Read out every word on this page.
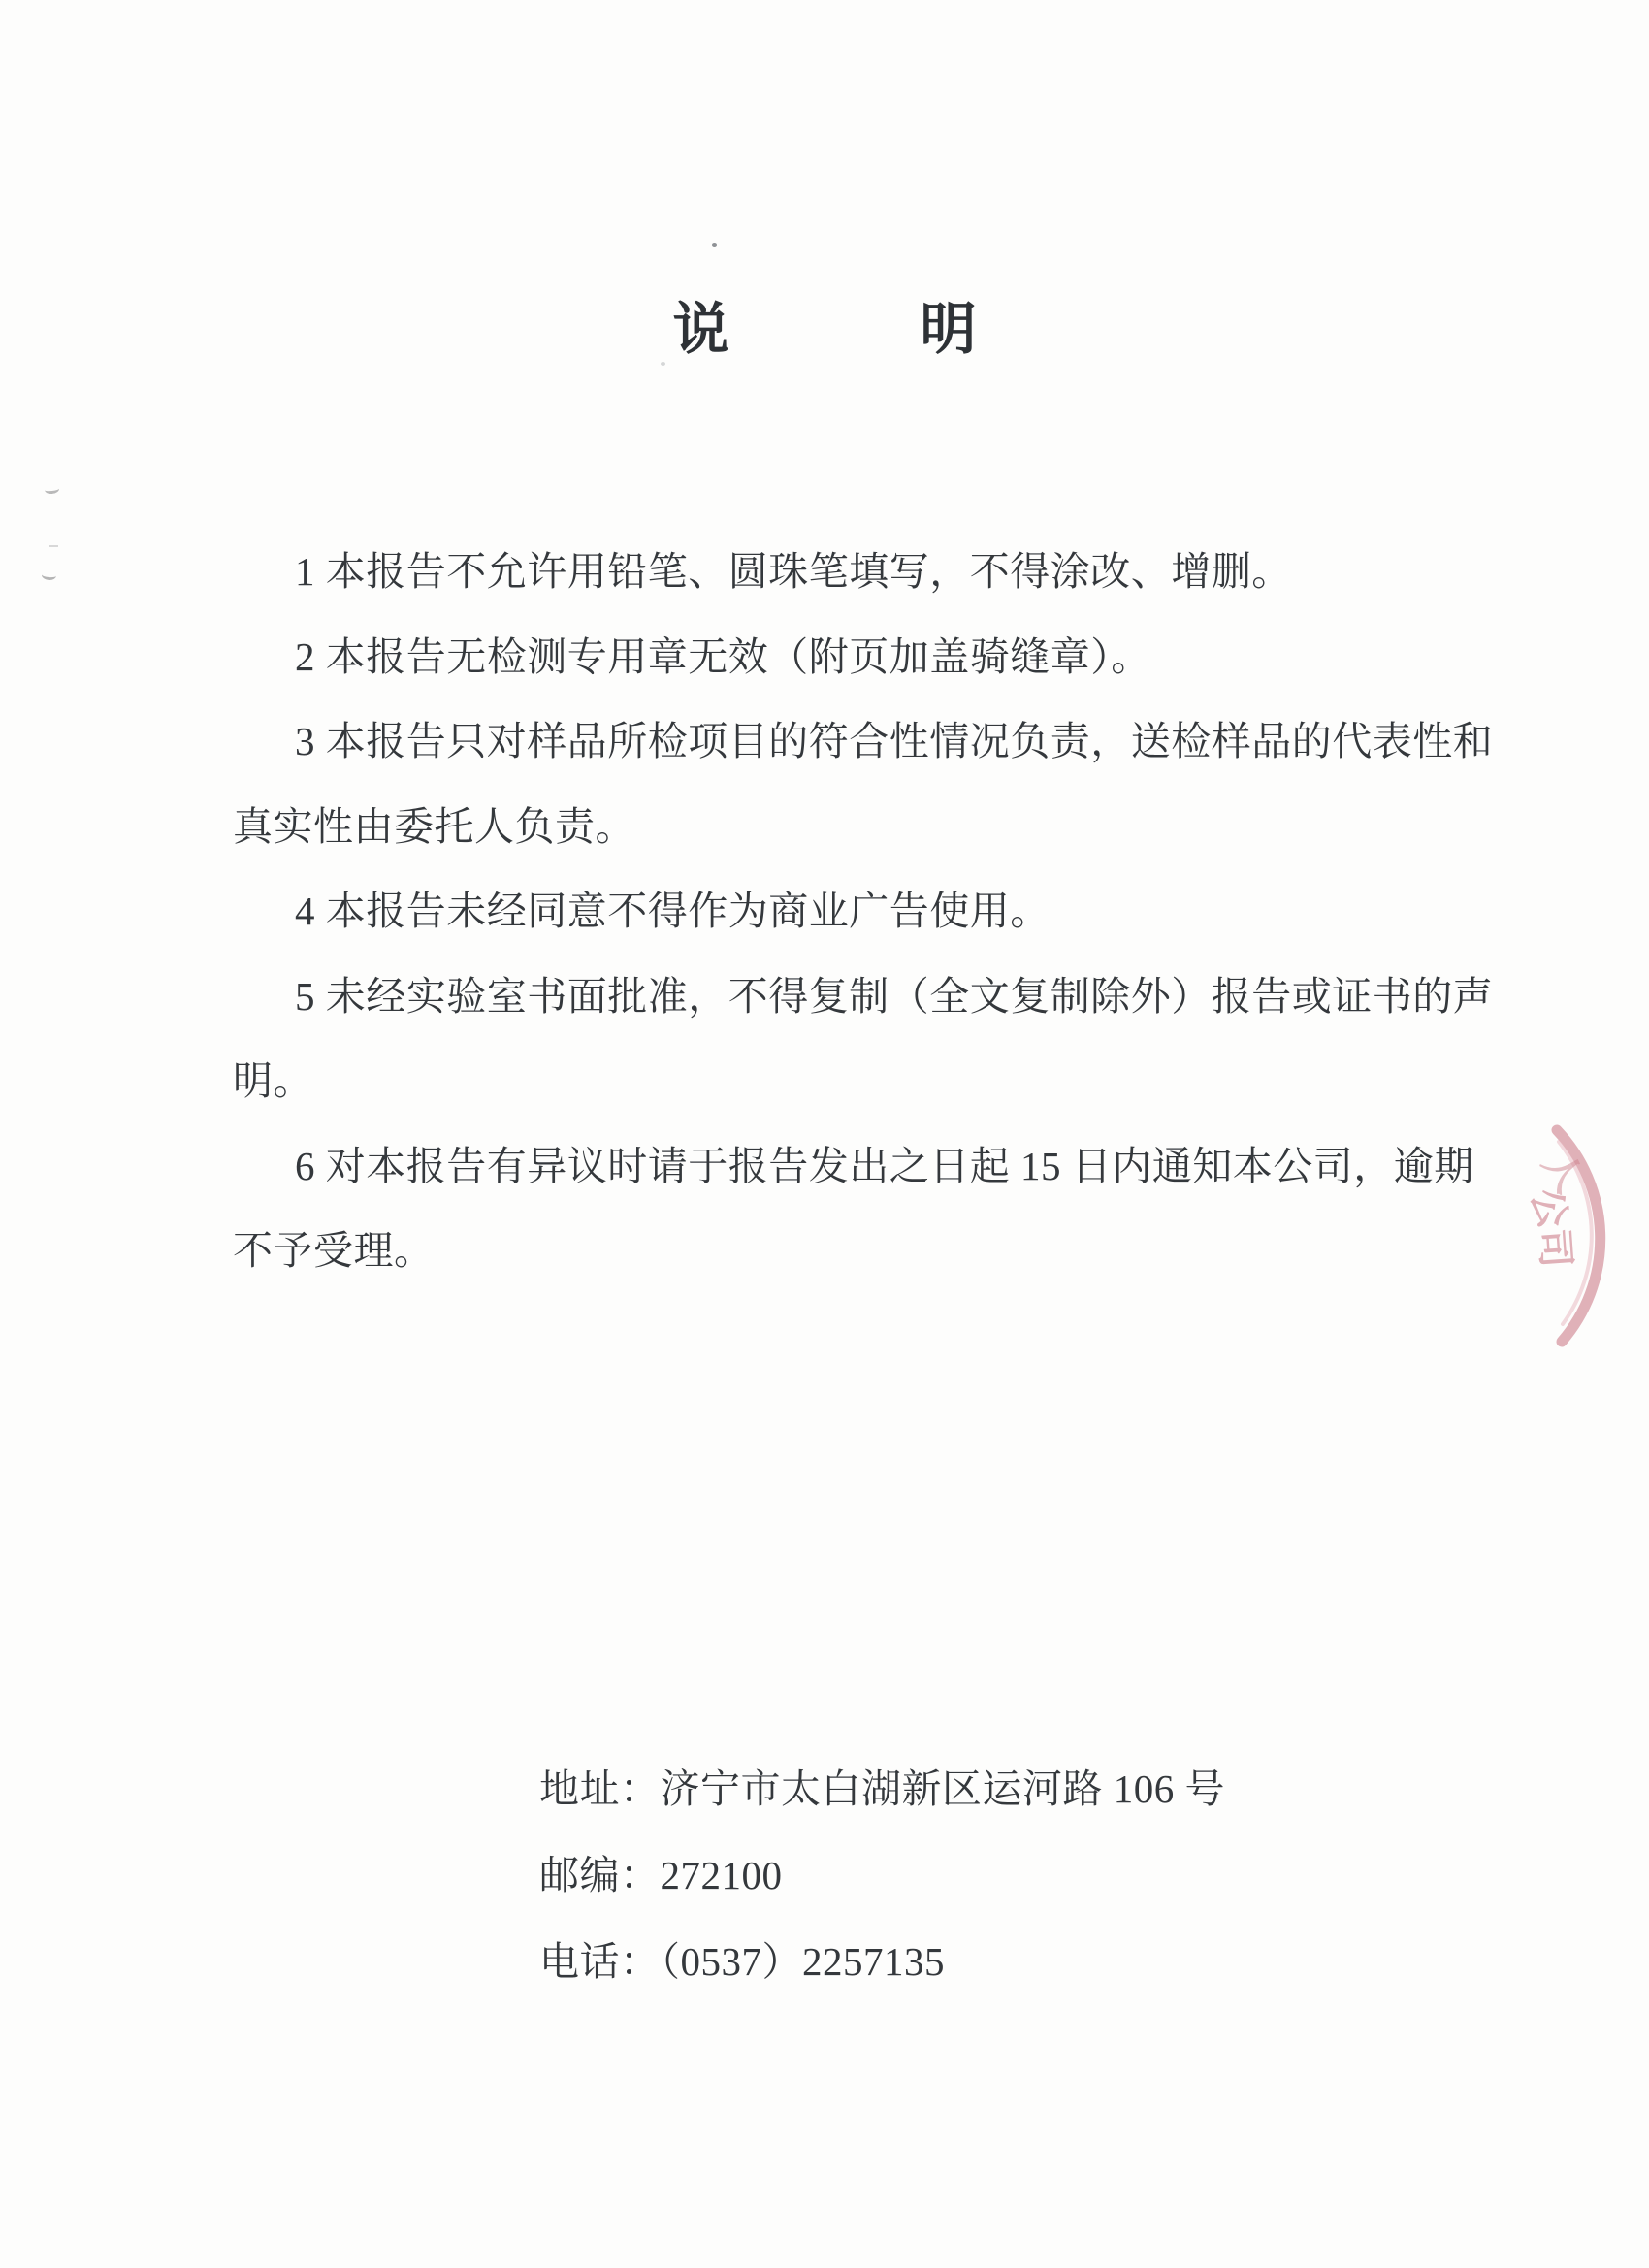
说	明

1 本报告不允许用铅笔、圆珠笔填写，不得涂改、增删。

2 本报告无检测专用章无效（附页加盖骑缝章）。

3 本报告只对样品所检项目的符合性情况负责，送检样品的代表性和

真实性由委托人负责。

4 本报告未经同意不得作为商业广告使用。

5 未经实验室书面批准，不得复制（全文复制除外）报告或证书的声

明。

6 对本报告有异议时请于报告发出之日起 15 日内通知本公司，逾期

不予受理。

地址：济宁市太白湖新区运河路 106 号

邮编：272100

电话：（0537）2257135

人
公
司
